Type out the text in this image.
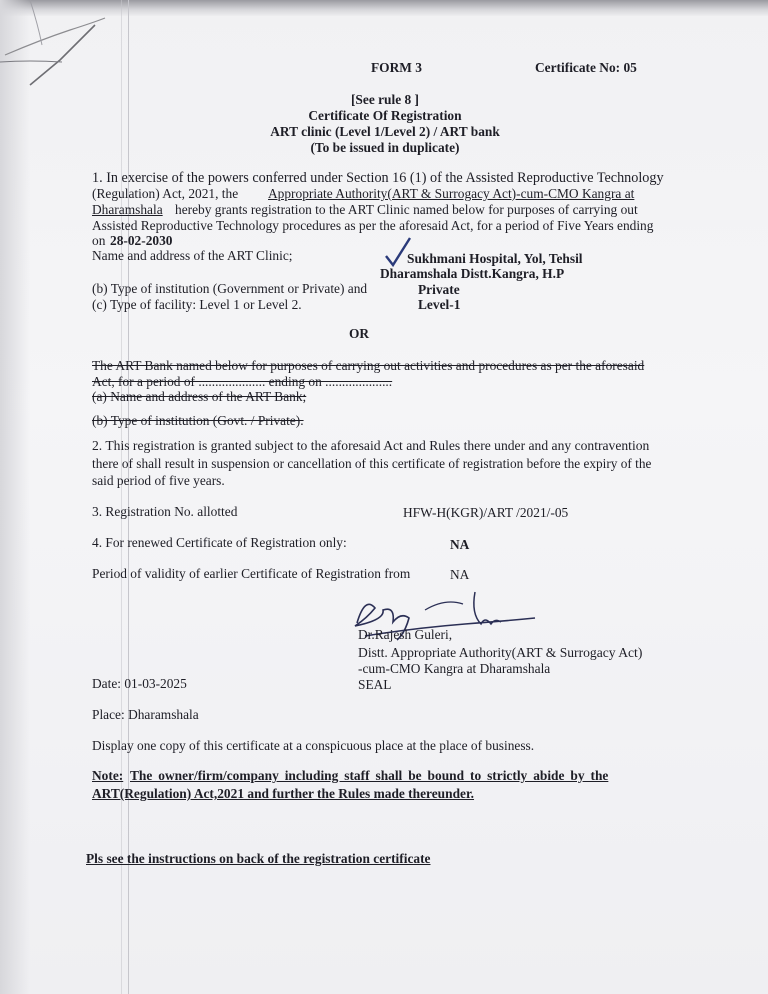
FORM 3	Certificate No: 05
[See rule 8 ]
Certificate Of Registration
ART clinic (Level 1/Level 2) / ART bank
(To be issued in duplicate)
1. In exercise of the powers conferred under Section 16 (1) of the Assisted Reproductive Technology
(Regulation) Act, 2021, the Appropriate Authority(ART & Surrogacy Act)-cum-CMO Kangra at
Dharamshala hereby grants registration to the ART Clinic named below for purposes of carrying out
Assisted Reproductive Technology procedures as per the aforesaid Act, for a period of Five Years ending
on 28-02-2030
Name and address of the ART Clinic;	Sukhmani Hospital, Yol, Tehsil
Dharamshala Distt.Kangra, H.P
(b) Type of institution (Government or Private) and	Private
(c) Type of facility: Level 1 or Level 2.	Level-1
OR
The ART Bank named below for purposes of carrying out activities and procedures as per the aforesaid
Act, for a period of .................... ending on ....................
(a) Name and address of the ART Bank;
(b) Type of institution (Govt. / Private).
2. This registration is granted subject to the aforesaid Act and Rules there under and any contravention
there of shall result in suspension or cancellation of this certificate of registration before the expiry of the
said period of five years.
3. Registration No. allotted	HFW-H(KGR)/ART /2021/-05
4. For renewed Certificate of Registration only:	NA
Period of validity of earlier Certificate of Registration from	NA
Dr.Rajesh Guleri,
Distt. Appropriate Authority(ART & Surrogacy Act)
-cum-CMO Kangra at Dharamshala
SEAL
Date: 01-03-2025
Place: Dharamshala
Display one copy of this certificate at a conspicuous place at the place of business.
Note: The owner/firm/company including staff shall be bound to strictly abide by the
ART(Regulation) Act,2021 and further the Rules made thereunder.
Pls see the instructions on back of the registration certificate
